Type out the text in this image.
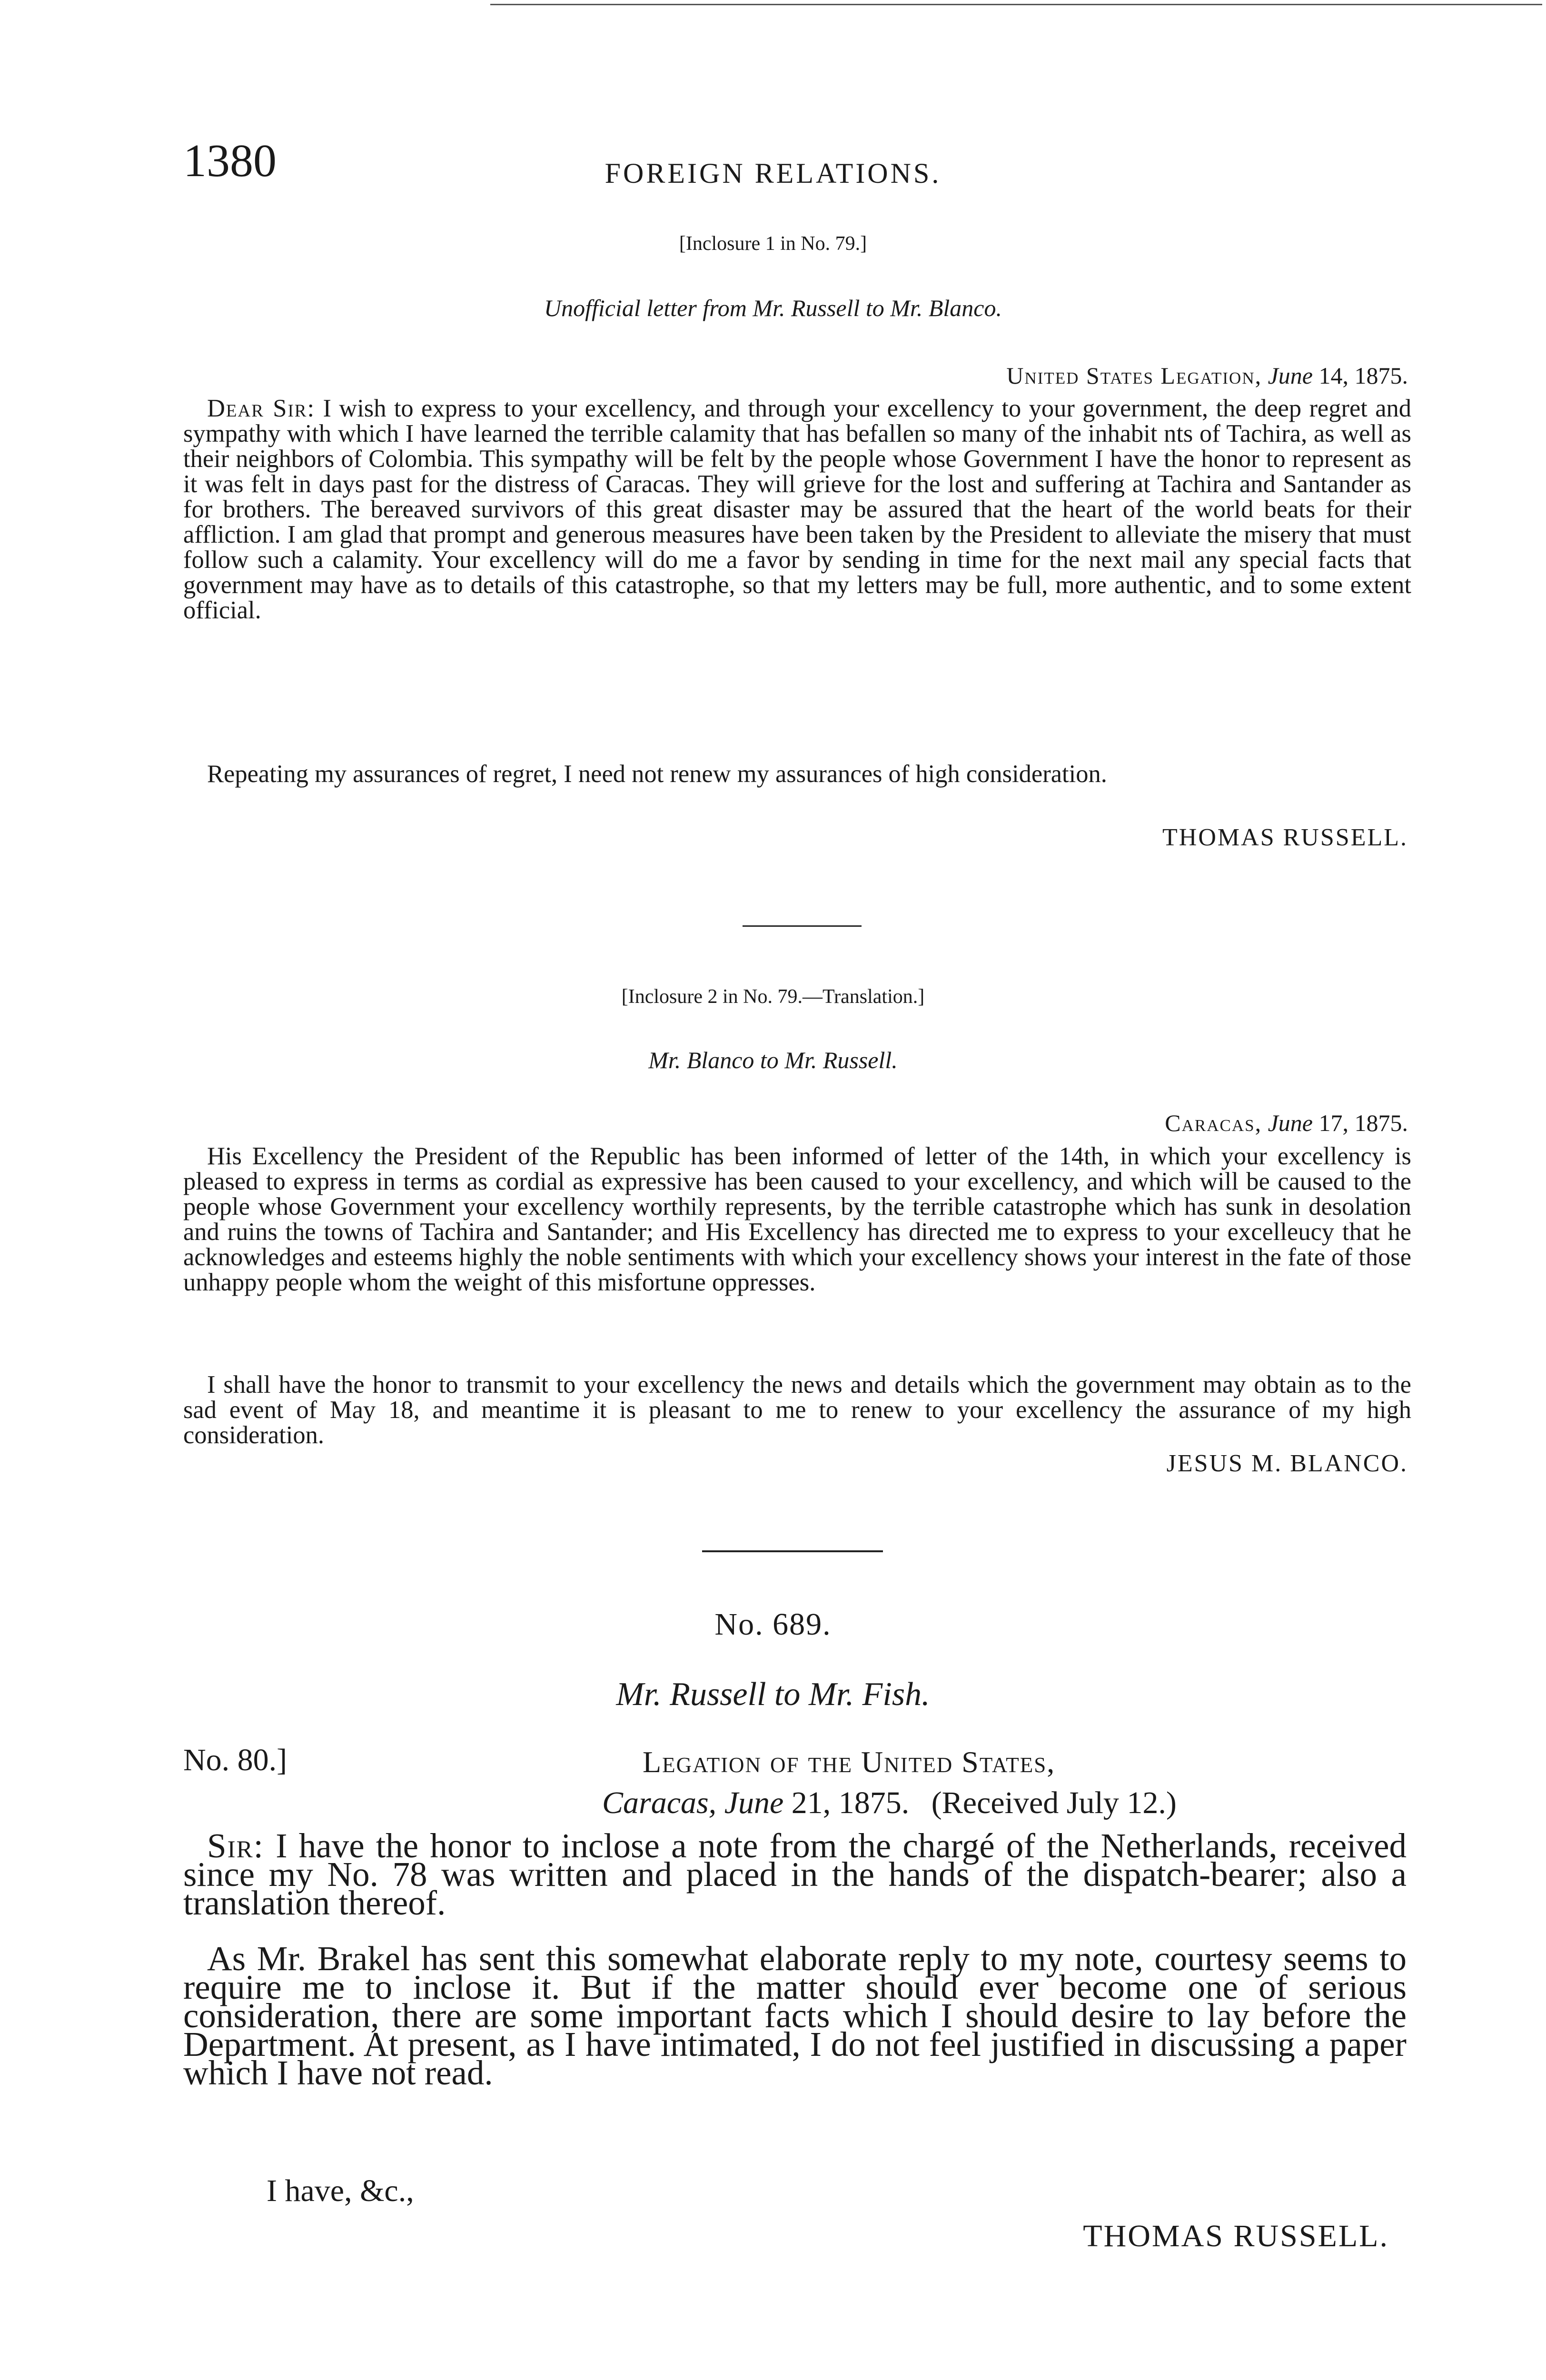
1380	FOREIGN RELATIONS.
[Inclosure 1 in No. 79.]
Unofficial letter from Mr. Russell to Mr. Blanco.
United States Legation, June 14, 1875.
Dear Sir: I wish to express to your excellency, and through your excellency to your government, the deep regret and sympathy with which I have learned the terrible calamity that has befallen so many of the inhabit nts of Tachira, as well as their neighbors of Colombia. This sympathy will be felt by the people whose Government I have the honor to represent as it was felt in days past for the distress of Caracas. They will grieve for the lost and suffering at Tachira and Santander as for brothers. The bereaved survivors of this great disaster may be assured that the heart of the world beats for their affliction. I am glad that prompt and generous measures have been taken by the President to alleviate the misery that must follow such a calamity. Your excellency will do me a favor by sending in time for the next mail any special facts that government may have as to details of this catastrophe, so that my letters may be full, more authentic, and to some extent official.
Repeating my assurances of regret, I need not renew my assurances of high consideration.
THOMAS RUSSELL.
[Inclosure 2 in No. 79.—Translation.]
Mr. Blanco to Mr. Russell.
Caracas, June 17, 1875.
His Excellency the President of the Republic has been informed of letter of the 14th, in which your excellency is pleased to express in terms as cordial as expressive has been caused to your excellency, and which will be caused to the people whose Government your excellency worthily represents, by the terrible catastrophe which has sunk in desolation and ruins the towns of Tachira and Santander; and His Excellency has directed me to express to your excelleucy that he acknowledges and esteems highly the noble sentiments with which your excellency shows your interest in the fate of those unhappy people whom the weight of this misfortune oppresses.
I shall have the honor to transmit to your excellency the news and details which the government may obtain as to the sad event of May 18, and meantime it is pleasant to me to renew to your excellency the assurance of my high consideration.
JESUS M. BLANCO.
No. 689.
Mr. Russell to Mr. Fish.
No. 80.]	Legation of the United States,
Caracas, June 21, 1875. (Received July 12.)
Sir: I have the honor to inclose a note from the chargé of the Netherlands, received since my No. 78 was written and placed in the hands of the dispatch-bearer; also a translation thereof.
As Mr. Brakel has sent this somewhat elaborate reply to my note, courtesy seems to require me to inclose it. But if the matter should ever become one of serious consideration, there are some important facts which I should desire to lay before the Department. At present, as I have intimated, I do not feel justified in discussing a paper which I have not read.
I have, &c.,
THOMAS RUSSELL.
